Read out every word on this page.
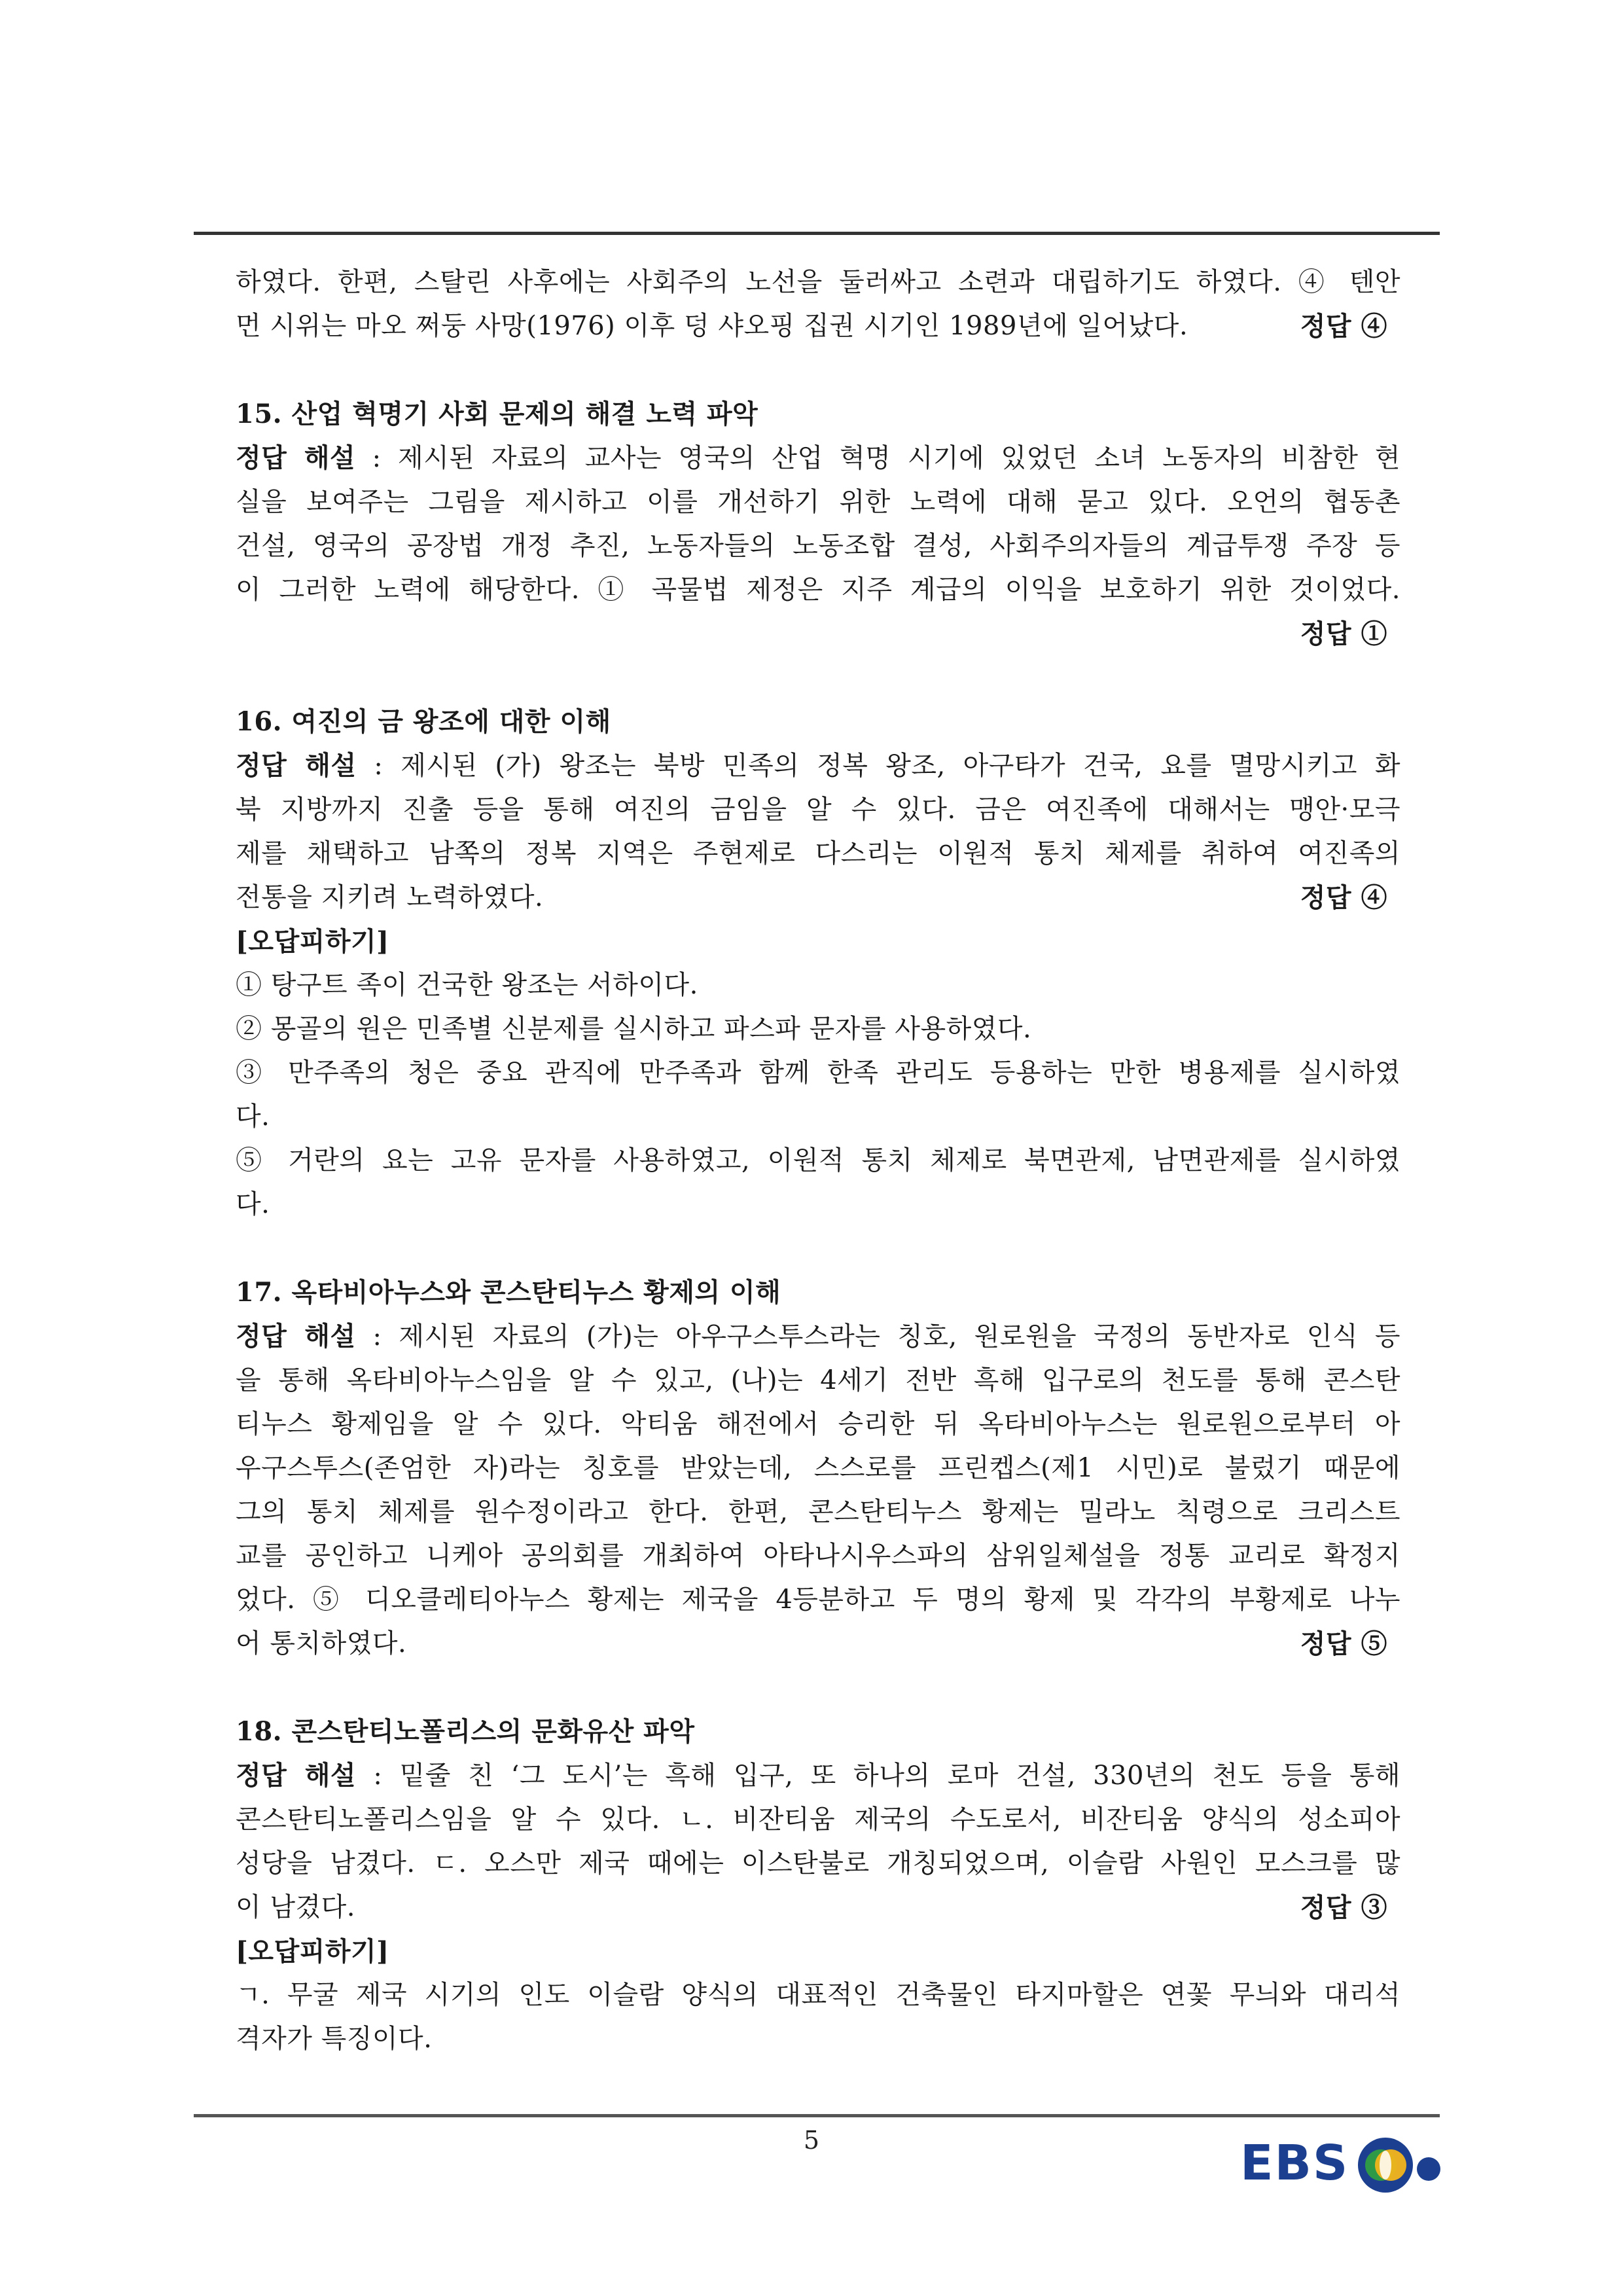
하였다. 한편, 스탈린 사후에는 사회주의 노선을 둘러싸고 소련과 대립하기도 하였다. ④ 텐안
먼 시위는 마오 쩌둥 사망(1976) 이후 덩 샤오핑 집권 시기인 1989년에 일어났다.	정답 ④

15. 산업 혁명기 사회 문제의 해결 노력 파악

정답 해설 : 제시된 자료의 교사는 영국의 산업 혁명 시기에 있었던 소녀 노동자의 비참한 현
실을 보여주는 그림을 제시하고 이를 개선하기 위한 노력에 대해 묻고 있다. 오언의 협동촌
건설, 영국의 공장법 개정 추진, 노동자들의 노동조합 결성, 사회주의자들의 계급투쟁 주장 등
이 그러한 노력에 해당한다. ① 곡물법 제정은 지주 계급의 이익을 보호하기 위한 것이었다.
정답 ①

16. 여진의 금 왕조에 대한 이해

정답 해설 : 제시된 (가) 왕조는 북방 민족의 정복 왕조, 아구타가 건국, 요를 멸망시키고 화
북 지방까지 진출 등을 통해 여진의 금임을 알 수 있다. 금은 여진족에 대해서는 맹안·모극
제를 채택하고 남쪽의 정복 지역은 주현제로 다스리는 이원적 통치 체제를 취하여 여진족의
전통을 지키려 노력하였다.	정답 ④

[오답피하기]

① 탕구트 족이 건국한 왕조는 서하이다.
② 몽골의 원은 민족별 신분제를 실시하고 파스파 문자를 사용하였다.
③ 만주족의 청은 중요 관직에 만주족과 함께 한족 관리도 등용하는 만한 병용제를 실시하였
다.
⑤ 거란의 요는 고유 문자를 사용하였고, 이원적 통치 체제로 북면관제, 남면관제를 실시하였
다.

17. 옥타비아누스와 콘스탄티누스 황제의 이해

정답 해설 : 제시된 자료의 (가)는 아우구스투스라는 칭호, 원로원을 국정의 동반자로 인식 등
을 통해 옥타비아누스임을 알 수 있고, (나)는 4세기 전반 흑해 입구로의 천도를 통해 콘스탄
티누스 황제임을 알 수 있다. 악티움 해전에서 승리한 뒤 옥타비아누스는 원로원으로부터 아
우구스투스(존엄한 자)라는 칭호를 받았는데, 스스로를 프린켑스(제1 시민)로 불렀기 때문에
그의 통치 체제를 원수정이라고 한다. 한편, 콘스탄티누스 황제는 밀라노 칙령으로 크리스트
교를 공인하고 니케아 공의회를 개최하여 아타나시우스파의 삼위일체설을 정통 교리로 확정지
었다. ⑤ 디오클레티아누스 황제는 제국을 4등분하고 두 명의 황제 및 각각의 부황제로 나누
어 통치하였다.	정답 ⑤

18. 콘스탄티노폴리스의 문화유산 파악

정답 해설 : 밑줄 친 ‘그 도시’는 흑해 입구, 또 하나의 로마 건설, 330년의 천도 등을 통해
콘스탄티노폴리스임을 알 수 있다. ㄴ. 비잔티움 제국의 수도로서, 비잔티움 양식의 성소피아
성당을 남겼다. ㄷ. 오스만 제국 때에는 이스탄불로 개칭되었으며, 이슬람 사원인 모스크를 많
이 남겼다.	정답 ③

[오답피하기]

ㄱ. 무굴 제국 시기의 인도 이슬람 양식의 대표적인 건축물인 타지마할은 연꽃 무늬와 대리석
격자가 특징이다.
5	EBS
